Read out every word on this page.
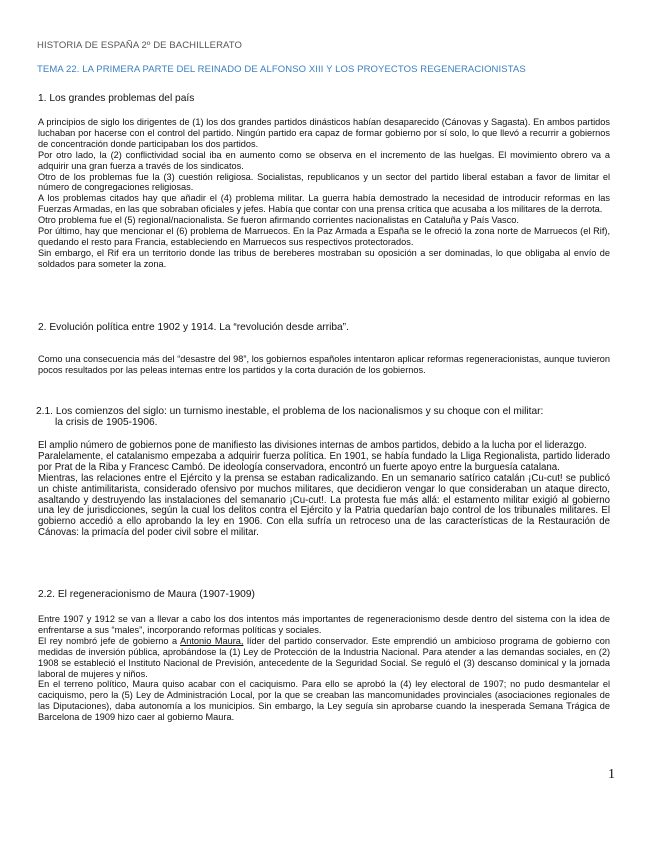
HISTORIA DE ESPAÑA 2º DE BACHILLERATO
TEMA 22. LA PRIMERA PARTE DEL REINADO DE ALFONSO XIII Y LOS PROYECTOS REGENERACIONISTAS
1. Los grandes problemas del país

A principios de siglo los dirigentes de (1) los dos grandes partidos dinásticos habían desaparecido (Cánovas y Sagasta). En ambos partidos luchaban por hacerse con el control del partido. Ningún partido era capaz de formar gobierno por sí solo, lo que llevó a recurrir a gobiernos de concentración donde participaban los dos partidos.

Por otro lado, la (2) conflictividad social iba en aumento como se observa en el incremento de las huelgas. El movimiento obrero va a adquirir una gran fuerza a través de los sindicatos.

Otro de los problemas fue la (3) cuestión religiosa. Socialistas, republicanos y un sector del partido liberal estaban a favor de limitar el número de congregaciones religiosas.

A los problemas citados hay que añadir el (4) problema militar. La guerra había demostrado la necesidad de introducir reformas en las Fuerzas Armadas, en las que sobraban oficiales y jefes. Había que contar con una prensa crítica que acusaba a los militares de la derrota.

Otro problema fue el (5) regional/nacionalista. Se fueron afirmando corrientes nacionalistas en Cataluña y País Vasco.

Por último, hay que mencionar el (6) problema de Marruecos. En la Paz Armada a España se le ofreció la zona norte de Marruecos (el Rif), quedando el resto para Francia, estableciendo en Marruecos sus respectivos protectorados.

Sin embargo, el Rif era un territorio donde las tribus de bereberes mostraban su oposición a ser dominadas, lo que obligaba al envío de soldados para someter la zona.

2. Evolución política entre 1902 y 1914. La “revolución desde arriba”.

Como una consecuencia más del “desastre del 98”, los gobiernos españoles intentaron aplicar reformas regeneracionistas, aunque tuvieron pocos resultados por las peleas internas entre los partidos y la corta duración de los gobiernos.

2.1. Los comienzos del siglo: un turnismo inestable, el problema de los nacionalismos y su choque con el militar:
la crisis de 1905-1906.

El amplio número de gobiernos pone de manifiesto las divisiones internas de ambos partidos, debido a la lucha por el liderazgo.

Paralelamente, el catalanismo empezaba a adquirir fuerza política. En 1901, se había fundado la Lliga Regionalista, partido liderado por Prat de la Riba y Francesc Cambó. De ideología conservadora, encontró un fuerte apoyo entre la burguesía catalana.

Mientras, las relaciones entre el Ejército y la prensa se estaban radicalizando. En un semanario satírico catalán ¡Cu-cut! se publicó un chiste antimilitarista, considerado ofensivo por muchos militares, que decidieron vengar lo que consideraban un ataque directo, asaltando y destruyendo las instalaciones del semanario ¡Cu-cut!. La protesta fue más allá: el estamento militar exigió al gobierno una ley de jurisdicciones, según la cual los delitos contra el Ejército y la Patria quedarían bajo control de los tribunales militares. El gobierno accedió a ello aprobando la ley en 1906. Con ella sufría un retroceso una de las características de la Restauración de Cánovas: la primacía del poder civil sobre el militar.

2.2. El regeneracionismo de Maura (1907-1909)

Entre 1907 y 1912 se van a llevar a cabo los dos intentos más importantes de regeneracionismo desde dentro del sistema con la idea de enfrentarse a sus “males”, incorporando reformas políticas y sociales.

El rey nombró jefe de gobierno a Antonio Maura, líder del partido conservador. Este emprendió un ambicioso programa de gobierno con medidas de inversión pública, aprobándose la (1) Ley de Protección de la Industria Nacional. Para atender a las demandas sociales, en (2) 1908 se estableció el Instituto Nacional de Previsión, antecedente de la Seguridad Social. Se reguló el (3) descanso dominical y la jornada laboral de mujeres y niños.

En el terreno político, Maura quiso acabar con el caciquismo. Para ello se aprobó la (4) ley electoral de 1907; no pudo desmantelar el caciquismo, pero la (5) Ley de Administración Local, por la que se creaban las mancomunidades provinciales (asociaciones regionales de las Diputaciones), daba autonomía a los municipios. Sin embargo, la Ley seguía sin aprobarse cuando la inesperada Semana Trágica de Barcelona de 1909 hizo caer al gobierno Maura.

1
